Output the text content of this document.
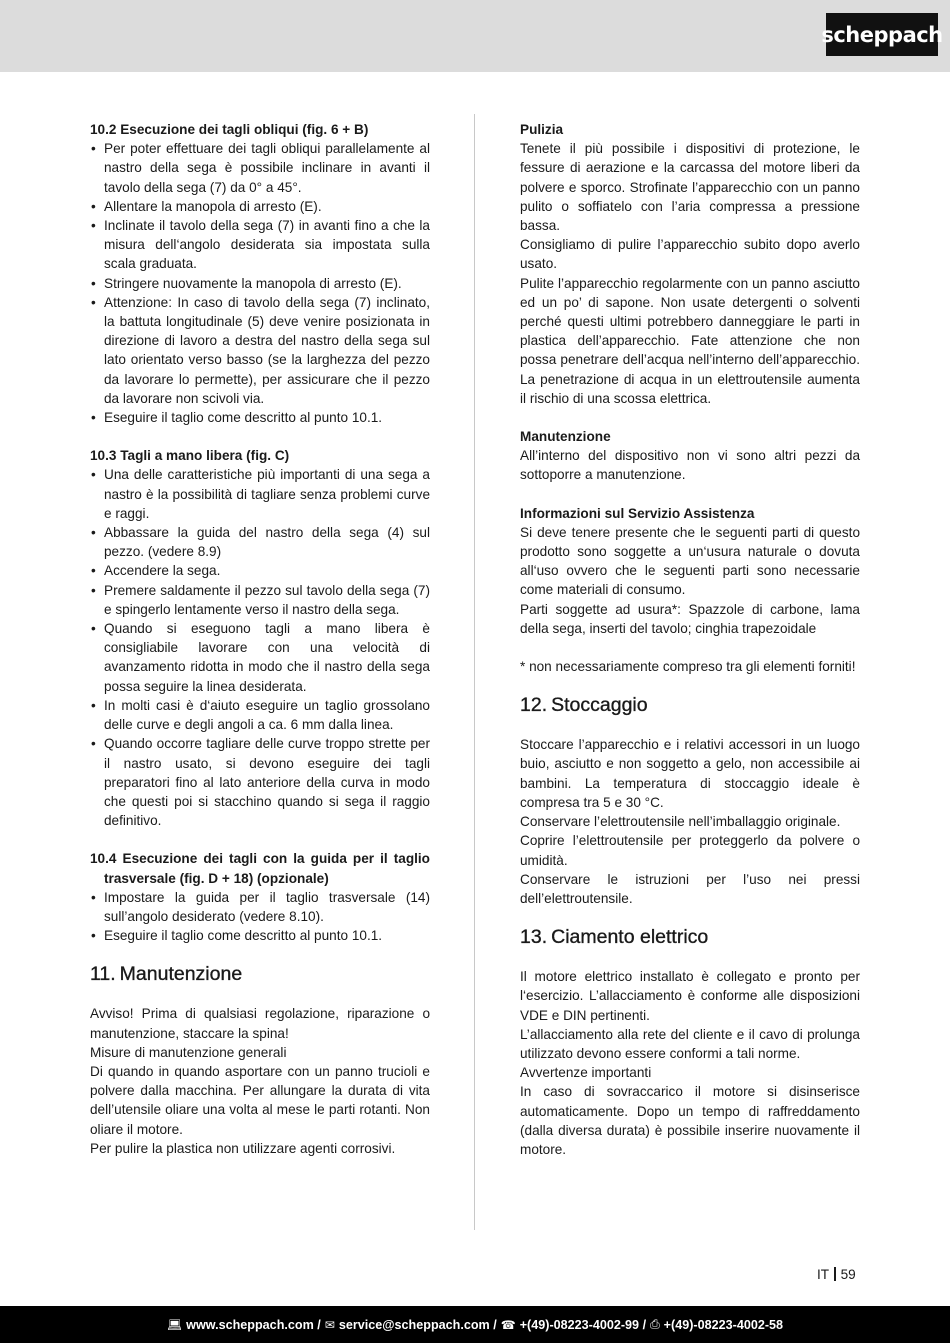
scheppach

10.2 Esecuzione dei tagli obliqui (fig. 6 + B)

• Per poter effettuare dei tagli obliqui parallelamente al nastro della sega è possibile inclinare in avanti il tavolo della sega (7) da 0° a 45°.
• Allentare la manopola di arresto (E).
• Inclinate il tavolo della sega (7) in avanti fino a che la misura dell‘angolo desiderata sia impostata sulla scala graduata.
• Stringere nuovamente la manopola di arresto (E).
• Attenzione: In caso di tavolo della sega (7) inclinato, la battuta longitudinale (5) deve venire posizionata in direzione di lavoro a destra del nastro della sega sul lato orientato verso basso (se la larghezza del pezzo da lavorare lo permette), per assicurare che il pezzo da lavorare non scivoli via.
• Eseguire il taglio come descritto al punto 10.1.

10.3 Tagli a mano libera (fig. C)

• Una delle caratteristiche più importanti di una sega a nastro è la possibilità di tagliare senza problemi curve e raggi.
• Abbassare la guida del nastro della sega (4) sul pezzo. (vedere 8.9)
• Accendere la sega.
• Premere saldamente il pezzo sul tavolo della sega (7) e spingerlo lentamente verso il nastro della sega.
• Quando si eseguono tagli a mano libera è consigliabile lavorare con una velocità di avanzamento ridotta in modo che il nastro della sega possa seguire la linea desiderata.
• In molti casi è d‘aiuto eseguire un taglio grossolano delle curve e degli angoli a ca. 6 mm dalla linea.
• Quando occorre tagliare delle curve troppo strette per il nastro usato, si devono eseguire dei tagli preparatori fino al lato anteriore della curva in modo che questi poi si stacchino quando si sega il raggio definitivo.

10.4 Esecuzione dei tagli con la guida per il taglio trasversale (fig. D + 18) (opzionale)

• Impostare la guida per il taglio trasversale (14) sull’angolo desiderato (vedere 8.10).
• Eseguire il taglio come descritto al punto 10.1.
11. Manutenzione

Avviso! Prima di qualsiasi regolazione, riparazione o manutenzione, staccare la spina!

Misure di manutenzione generali

Di quando in quando asportare con un panno trucioli e polvere dalla macchina. Per allungare la durata di vita dell’utensile oliare una volta al mese le parti rotanti. Non oliare il motore.

Per pulire la plastica non utilizzare agenti corrosivi.

Pulizia

Tenete il più possibile i dispositivi di protezione, le fessure di aerazione e la carcassa del motore liberi da polvere e sporco. Strofinate l’apparecchio con un panno pulito o soffiatelo con l’aria compressa a pressione bassa.

Consigliamo di pulire l’apparecchio subito dopo averlo usato.

Pulite l’apparecchio regolarmente con un panno asciutto ed un po’ di sapone. Non usate detergenti o solventi perché questi ultimi potrebbero danneggiare le parti in plastica dell’apparecchio. Fate attenzione che non possa penetrare dell’acqua nell’interno dell’apparecchio. La penetrazione di acqua in un elettroutensile aumenta il rischio di una scossa elettrica.

Manutenzione

All’interno del dispositivo non vi sono altri pezzi da sottoporre a manutenzione.

Informazioni sul Servizio Assistenza

Si deve tenere presente che le seguenti parti di questo prodotto sono soggette a un‘usura naturale o dovuta all‘uso ovvero che le seguenti parti sono necessarie come materiali di consumo.

Parti soggette ad usura*: Spazzole di carbone, lama della sega, inserti del tavolo; cinghia trapezoidale

* non necessariamente compreso tra gli elementi forniti!

12. Stoccaggio

Stoccare l’apparecchio e i relativi accessori in un luogo buio, asciutto e non soggetto a gelo, non accessibile ai bambini. La temperatura di stoccaggio ideale è compresa tra 5 e 30 °C.

Conservare l’elettroutensile nell’imballaggio originale.

Coprire l’elettroutensile per proteggerlo da polvere o umidità.

Conservare le istruzioni per l’uso nei pressi dell’elettroutensile.

13. Ciamento elettrico

Il motore elettrico installato è collegato e pronto per l‘esercizio. L’allacciamento è conforme alle disposizioni VDE e DIN pertinenti.

L’allacciamento alla rete del cliente e il cavo di prolunga utilizzato devono essere conformi a tali norme.

Avvertenze importanti

In caso di sovraccarico il motore si disinserisce automaticamente. Dopo un tempo di raffreddamento (dalla diversa durata) è possibile inserire nuovamente il motore.

IT 59
💻︎ www.scheppach.com / ✉︎ service@scheppach.com / ☎︎ +(49)-08223-4002-99 / ⎙ +(49)-08223-4002-58
